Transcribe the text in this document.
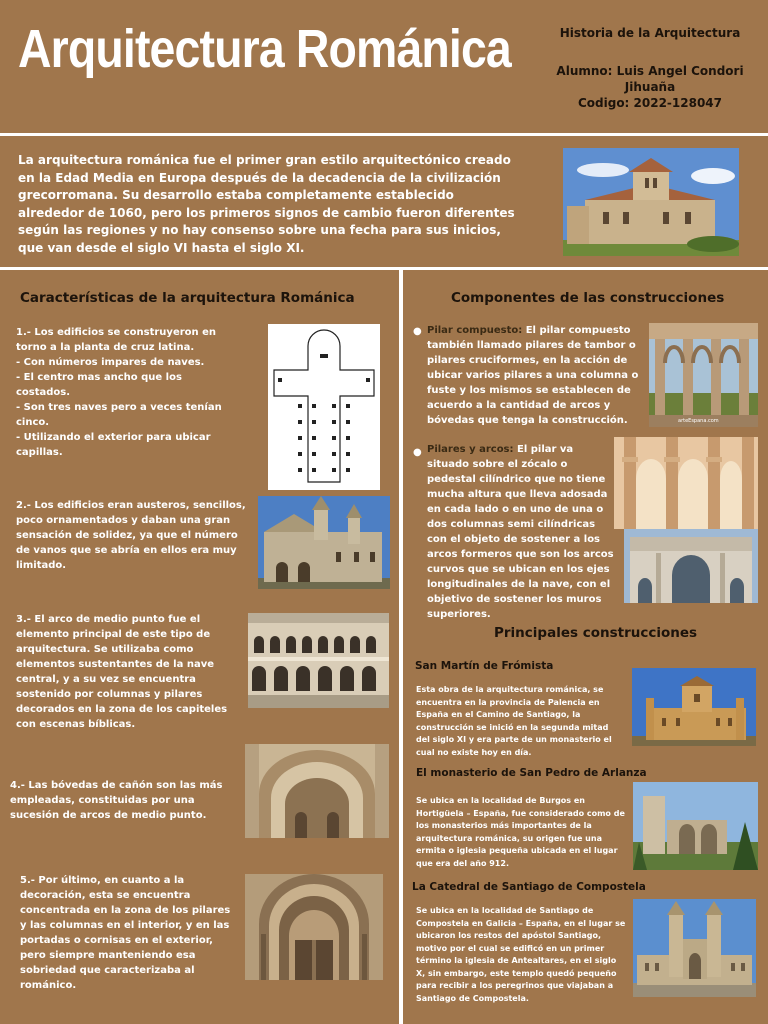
Arquitectura Románica	Historia de la Arquitectura
Alumno: Luis Angel Condori
Jihuaña
Codigo: 2022-128047
La arquitectura románica fue el primer gran estilo arquitectónico creado en la Edad Media en Europa después de la decadencia de la civilización grecorromana. Su desarrollo estaba completamente establecido alrededor de 1060, pero los primeros signos de cambio fueron diferentes según las regiones y no hay consenso sobre una fecha para sus inicios, que van desde el siglo VI hasta el siglo XI.
Características de la arquitectura Románica
1.- Los edificios se construyeron en torno a la planta de cruz latina.
- Con números impares de naves.
- El centro mas ancho que los costados.
- Son tres naves pero a veces tenían cinco.
- Utilizando el exterior para ubicar capillas.
2.- Los edificios eran austeros, sencillos, poco ornamentados y daban una gran sensación de solidez, ya que el número de vanos que se abría en ellos era muy limitado.
3.- El arco de medio punto fue el elemento principal de este tipo de arquitectura. Se utilizaba como elementos sustentantes de la nave central, y a su vez se encuentra sostenido por columnas y pilares decorados en la zona de los capiteles con escenas bíblicas.
4.- Las bóvedas de cañón son las más empleadas, constituidas por una sucesión de arcos de medio punto.
5.- Por último, en cuanto a la decoración, esta se encuentra concentrada en la zona de los pilares y las columnas en el interior, y en las portadas o cornisas en el exterior, pero siempre manteniendo esa sobriedad que caracterizaba al románico.
Componentes de las construcciones
● Pilar compuesto: El pilar compuesto también llamado pilares de tambor o pilares cruciformes, en la acción de ubicar varios pilares a una columna o fuste y los mismos se establecen de acuerdo a la cantidad de arcos y bóvedas que tenga la construcción.	arteEspana.com
● Pilares y arcos: El pilar va situado sobre el zócalo o pedestal cilíndrico que no tiene mucha altura que lleva adosada en cada lado o en uno de una o dos columnas semi cilíndricas con el objeto de sostener a los arcos formeros que son los arcos curvos que se ubican en los ejes longitudinales de la nave, con el objetivo de sostener los muros superiores.
Principales construcciones
San Martín de Frómista
Esta obra de la arquitectura románica, se encuentra en la provincia de Palencia en España en el Camino de Santiago, la construcción se inició en la segunda mitad del siglo XI y era parte de un monasterio el cual no existe hoy en día.
El monasterio de San Pedro de Arlanza
Se ubica en la localidad de Burgos en Hortigüela – España, fue considerado como de los monasterios más importantes de la arquitectura románica, su origen fue una ermita o iglesia pequeña ubicada en el lugar que era del año 912.
La Catedral de Santiago de Compostela
Se ubica en la localidad de Santiago de Compostela en Galicia – España, en el lugar se ubicaron los restos del apóstol Santiago, motivo por el cual se edificó en un primer término la iglesia de Antealtares, en el siglo X, sin embargo, este templo quedó pequeño para recibir a los peregrinos que viajaban a Santiago de Compostela.
